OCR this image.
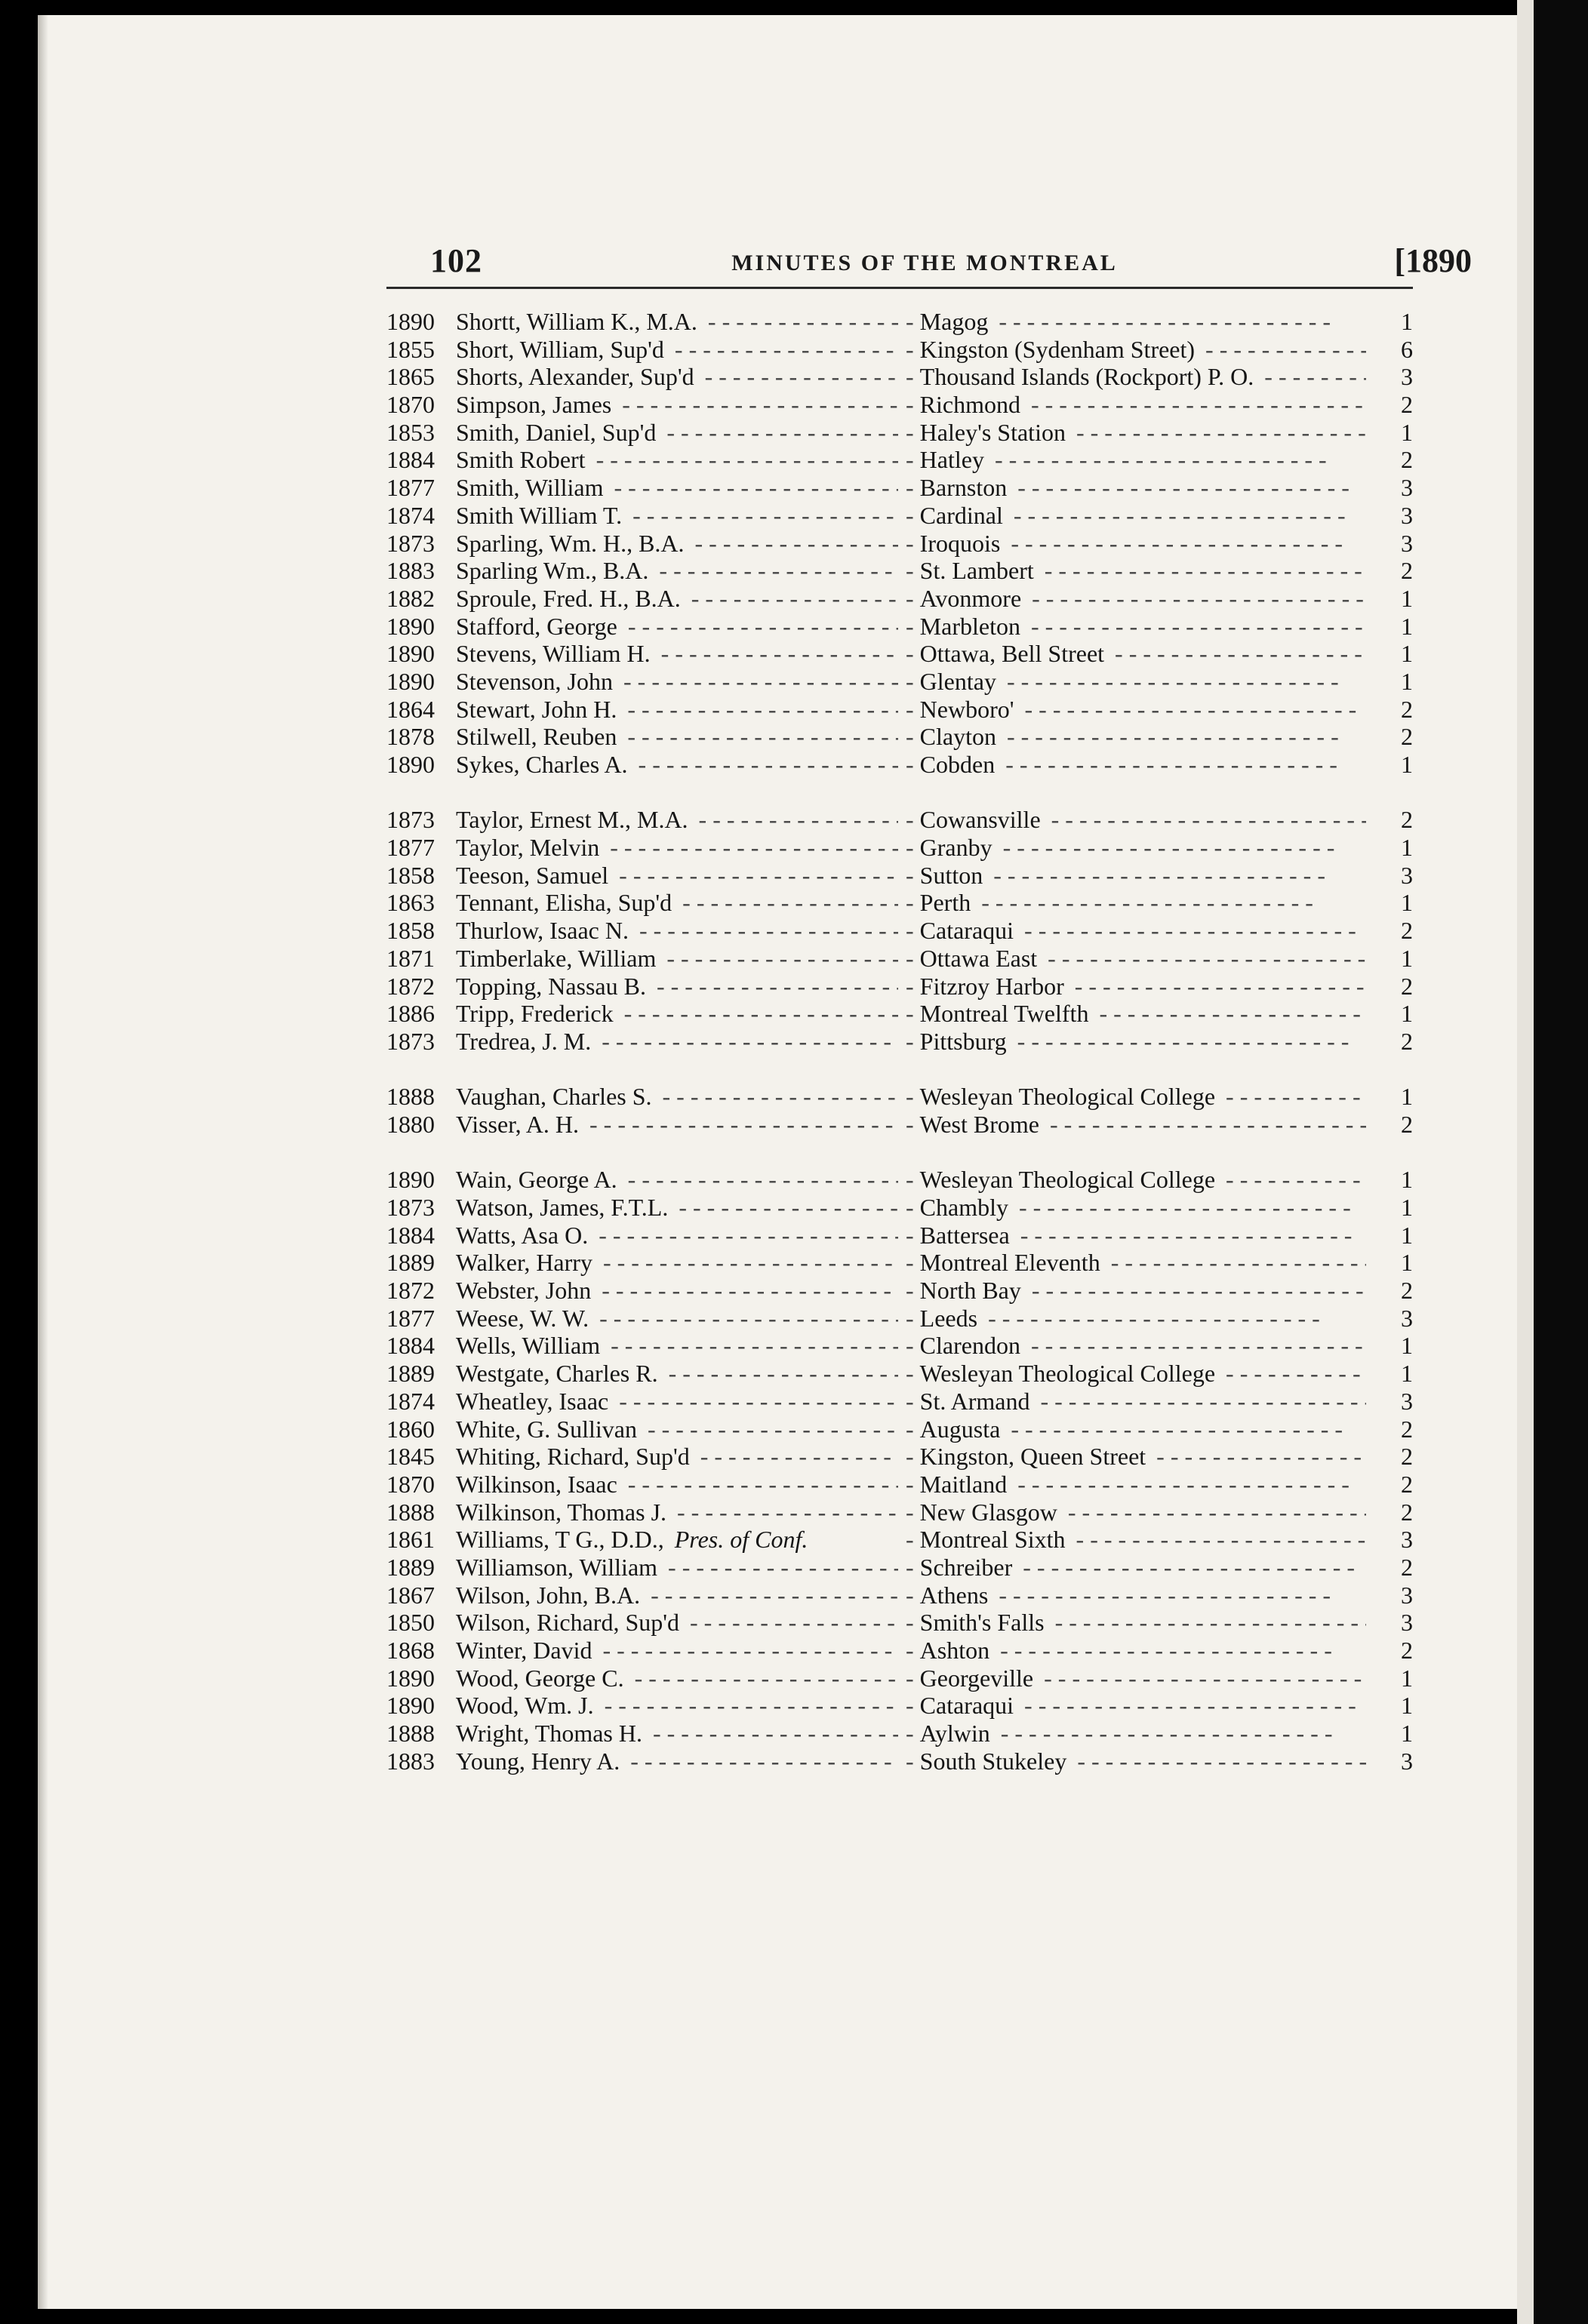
102	MINUTES OF THE MONTREAL	[1890
1890 Shortt, William K., M.A. - -	- Magog - -	1
1855 Short, William, Sup'd - -	- Kingston (Sydenham Street) - -	6
1865 Shorts, Alexander, Sup'd - -	- Thousand Islands (Rockport) P. O. - -	3
1870 Simpson, James - -	- Richmond - -	2
1853 Smith, Daniel, Sup'd - -	- Haley's Station - -	1
1884 Smith Robert - -	- Hatley - -	2
1877 Smith, William - -	- Barnston - -	3
1874 Smith William T. - -	- Cardinal - -	3
1873 Sparling, Wm. H., B.A. - -	- Iroquois - -	3
1883 Sparling Wm., B.A. - -	- St. Lambert - -	2
1882 Sproule, Fred. H., B.A. - -	- Avonmore - -	1
1890 Stafford, George - -	- Marbleton - -	1
1890 Stevens, William H. - -	- Ottawa, Bell Street - -	1
1890 Stevenson, John - -	- Glentay - -	1
1864 Stewart, John H. - -	- Newboro' - -	2
1878 Stilwell, Reuben - -	- Clayton - -	2
1890 Sykes, Charles A. - -	- Cobden - -	1
1873 Taylor, Ernest M., M.A. - -	- Cowansville - -	2
1877 Taylor, Melvin - -	- Granby - -	1
1858 Teeson, Samuel - -	- Sutton - -	3
1863 Tennant, Elisha, Sup'd - -	- Perth - -	1
1858 Thurlow, Isaac N. - -	- Cataraqui - -	2
1871 Timberlake, William - -	- Ottawa East - -	1
1872 Topping, Nassau B. - -	- Fitzroy Harbor - -	2
1886 Tripp, Frederick - -	- Montreal Twelfth - -	1
1873 Tredrea, J. M. - -	- Pittsburg - -	2
1888 Vaughan, Charles S. - -	- Wesleyan Theological College - -	1
1880 Visser, A. H. - -	- West Brome - -	2
1890 Wain, George A. - -	- Wesleyan Theological College - -	1
1873 Watson, James, F.T.L. - -	- Chambly - -	1
1884 Watts, Asa O. - -	- Battersea - -	1
1889 Walker, Harry - -	- Montreal Eleventh - -	1
1872 Webster, John - -	- North Bay - -	2
1877 Weese, W. W. - -	- Leeds - -	3
1884 Wells, William - -	- Clarendon - -	1
1889 Westgate, Charles R. - -	- Wesleyan Theological College - -	1
1874 Wheatley, Isaac - -	- St. Armand - -	3
1860 White, G. Sullivan - -	- Augusta - -	2
1845 Whiting, Richard, Sup'd - -	- Kingston, Queen Street - -	2
1870 Wilkinson, Isaac - -	- Maitland - -	2
1888 Wilkinson, Thomas J. - -	- New Glasgow - -	2
1861 Williams, T G., D.D., Pres. of Conf.	- Montreal Sixth - -	3
1889 Williamson, William - -	- Schreiber - -	2
1867 Wilson, John, B.A. - -	- Athens - -	3
1850 Wilson, Richard, Sup'd - -	- Smith's Falls - -	3
1868 Winter, David - -	- Ashton - -	2
1890 Wood, George C. - -	- Georgeville - -	1
1890 Wood, Wm. J. - -	- Cataraqui - -	1
1888 Wright, Thomas H. - -	- Aylwin - -	1
1883 Young, Henry A. - -	- South Stukeley - -	3
